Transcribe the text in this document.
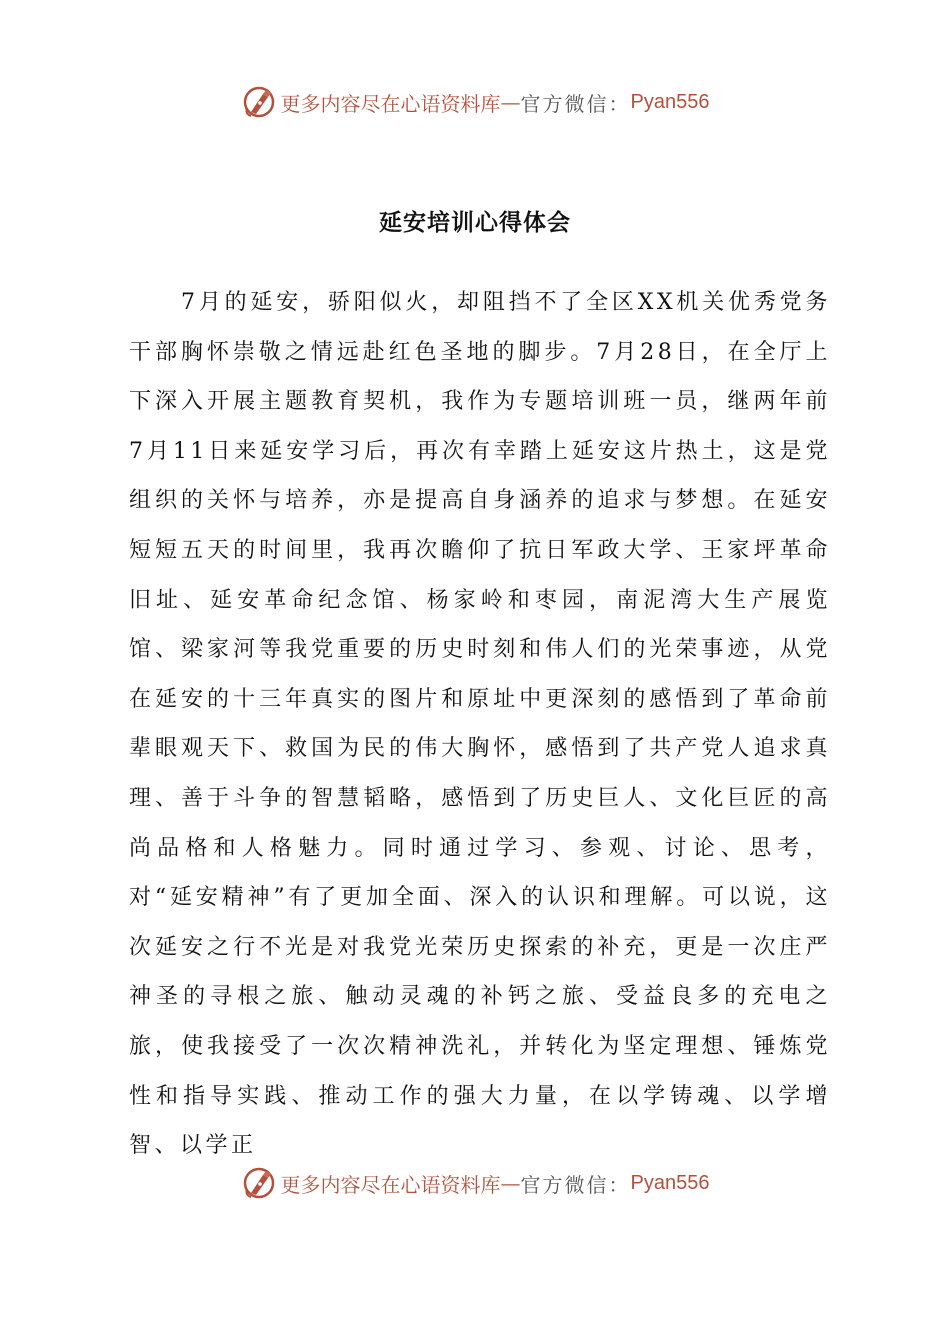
更多内容尽在心语资料库 — 官方微信： Pyan556
延安培训心得体会

7月的延安，骄阳似火，却阻挡不了全区XX机关优秀党务干部胸怀崇敬之情远赴红色圣地的脚步。7月28日，在全厅上下深入开展主题教育契机，我作为专题培训班一员，继两年前7月11日来延安学习后，再次有幸踏上延安这片热土，这是党组织的关怀与培养，亦是提高自身涵养的追求与梦想。在延安短短五天的时间里，我再次瞻仰了抗日军政大学、王家坪革命旧址、延安革命纪念馆、杨家岭和枣园，南泥湾大生产展览馆、梁家河等我党重要的历史时刻和伟人们的光荣事迹，从党在延安的十三年真实的图片和原址中更深刻的感悟到了革命前辈眼观天下、救国为民的伟大胸怀，感悟到了共产党人追求真理、善于斗争的智慧韬略，感悟到了历史巨人、文化巨匠的高尚品格和人格魅力。同时通过学习、参观、讨论、思考，对“延安精神”有了更加全面、深入的认识和理解。可以说，这次延安之行不光是对我党光荣历史探索的补充，更是一次庄严神圣的寻根之旅、触动灵魂的补钙之旅、受益良多的充电之旅，使我接受了一次次精神洗礼，并转化为坚定理想、锤炼党性和指导实践、推动工作的强大力量，在以学铸魂、以学增智、以学正

更多内容尽在心语资料库 — 官方微信： Pyan556
